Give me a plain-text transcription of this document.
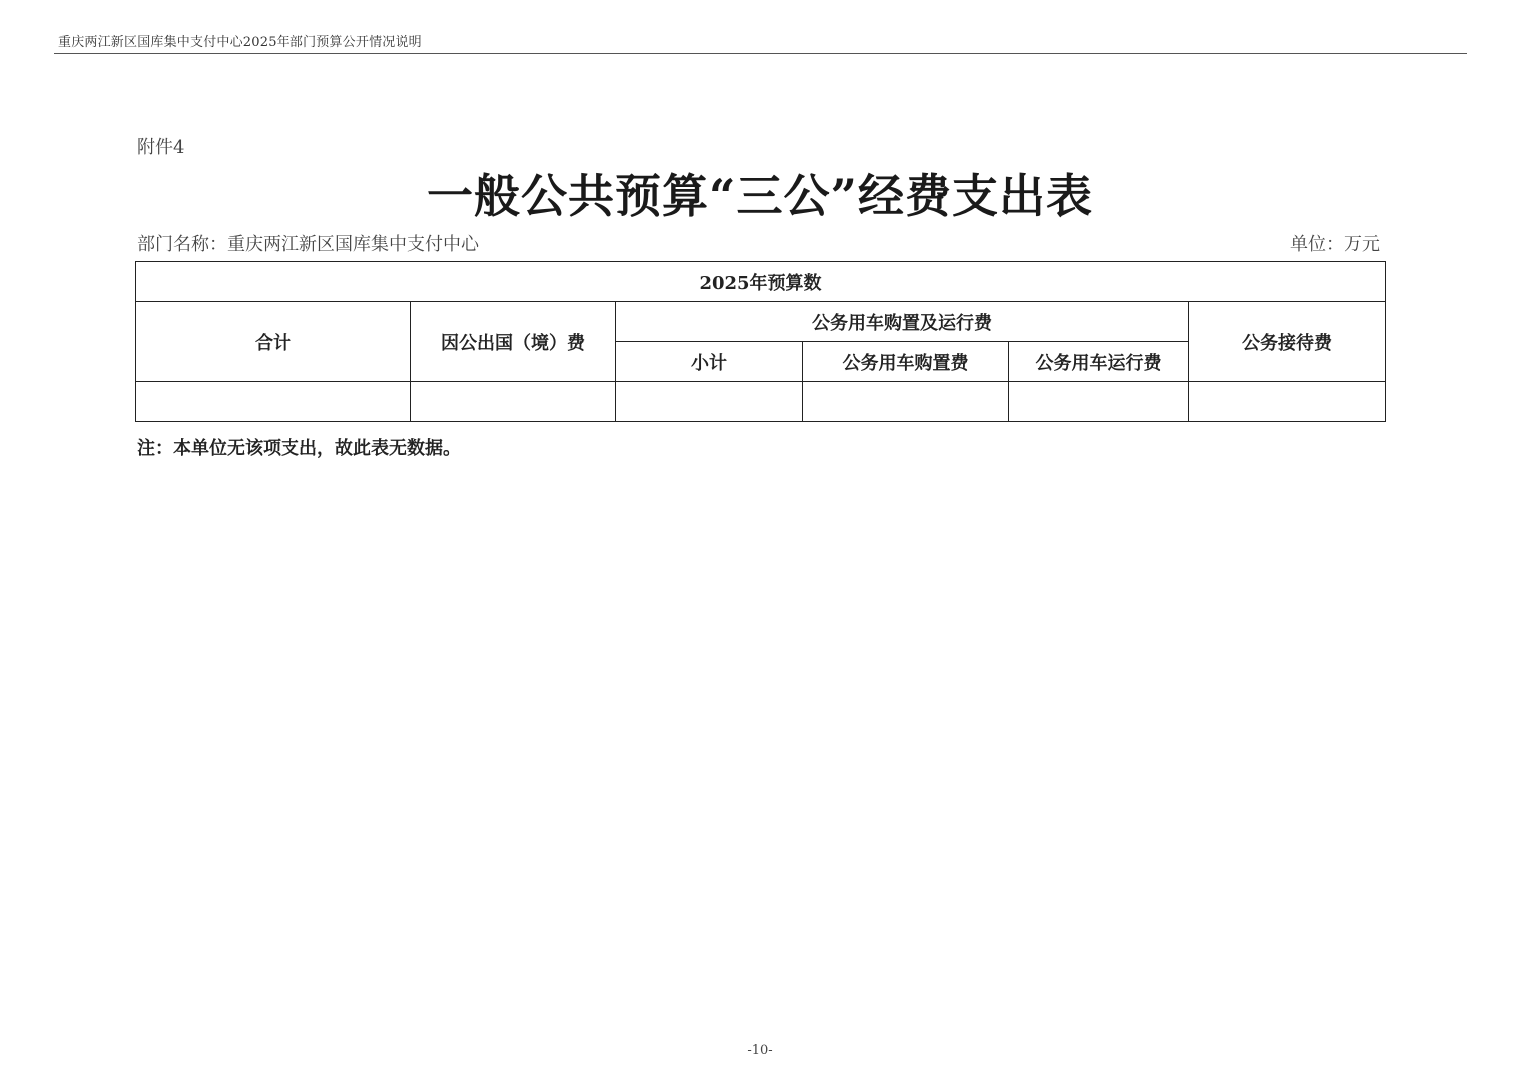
重庆两江新区国库集中支付中心2025年部门预算公开情况说明
附件4
一般公共预算“三公”经费支出表
部门名称：重庆两江新区国库集中支付中心	单位：万元
2025年预算数					
合计	因公出国（境）费	公务用车购置及运行费			公务接待费
		小计	公务用车购置费	公务用车运行费	

注：本单位无该项支出，故此表无数据。
-10-
